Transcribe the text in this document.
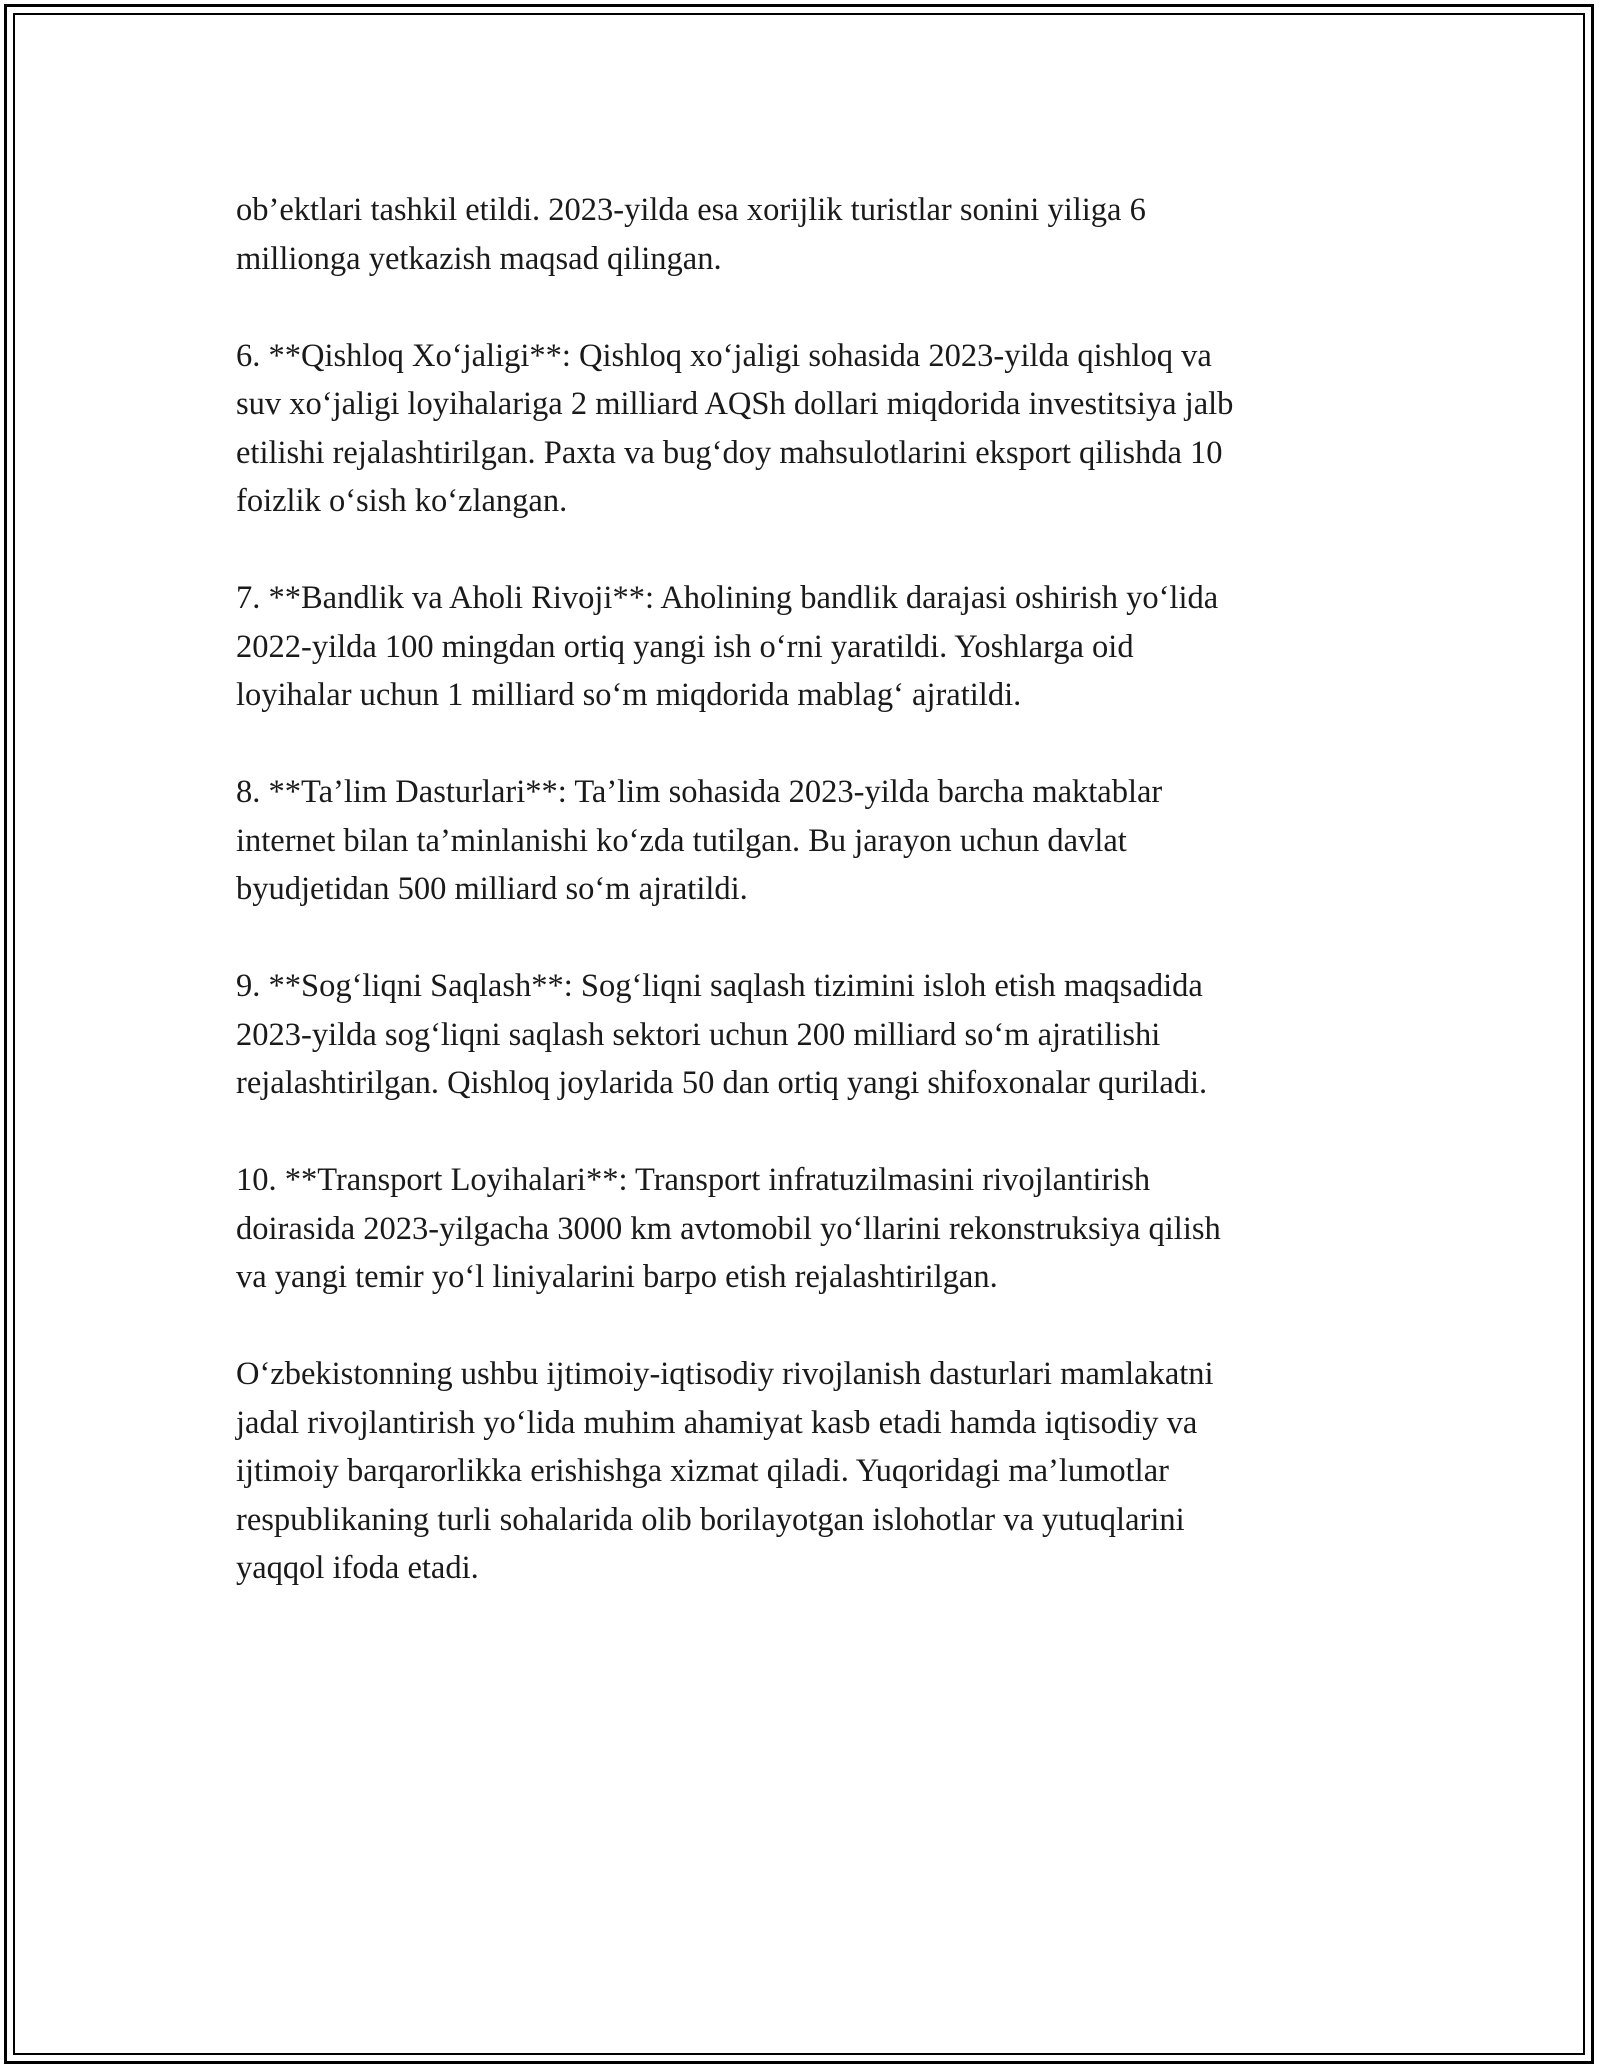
ob’ektlari tashkil etildi. 2023-yilda esa xorijlik turistlar sonini yiliga 6
millionga yetkazish maqsad qilingan.

6. **Qishloq Xo‘jaligi**: Qishloq xo‘jaligi sohasida 2023-yilda qishloq va
suv xo‘jaligi loyihalariga 2 milliard AQSh dollari miqdorida investitsiya jalb
etilishi rejalashtirilgan. Paxta va bug‘doy mahsulotlarini eksport qilishda 10
foizlik o‘sish ko‘zlangan.

7. **Bandlik va Aholi Rivoji**: Aholining bandlik darajasi oshirish yo‘lida
2022-yilda 100 mingdan ortiq yangi ish o‘rni yaratildi. Yoshlarga oid
loyihalar uchun 1 milliard so‘m miqdorida mablag‘ ajratildi.

8. **Ta’lim Dasturlari**: Ta’lim sohasida 2023-yilda barcha maktablar
internet bilan ta’minlanishi ko‘zda tutilgan. Bu jarayon uchun davlat
byudjetidan 500 milliard so‘m ajratildi.

9. **Sog‘liqni Saqlash**: Sog‘liqni saqlash tizimini isloh etish maqsadida
2023-yilda sog‘liqni saqlash sektori uchun 200 milliard so‘m ajratilishi
rejalashtirilgan. Qishloq joylarida 50 dan ortiq yangi shifoxonalar quriladi.

10. **Transport Loyihalari**: Transport infratuzilmasini rivojlantirish
doirasida 2023-yilgacha 3000 km avtomobil yo‘llarini rekonstruksiya qilish
va yangi temir yo‘l liniyalarini barpo etish rejalashtirilgan.

O‘zbekistonning ushbu ijtimoiy-iqtisodiy rivojlanish dasturlari mamlakatni
jadal rivojlantirish yo‘lida muhim ahamiyat kasb etadi hamda iqtisodiy va
ijtimoiy barqarorlikka erishishga xizmat qiladi. Yuqoridagi ma’lumotlar
respublikaning turli sohalarida olib borilayotgan islohotlar va yutuqlarini
yaqqol ifoda etadi.
